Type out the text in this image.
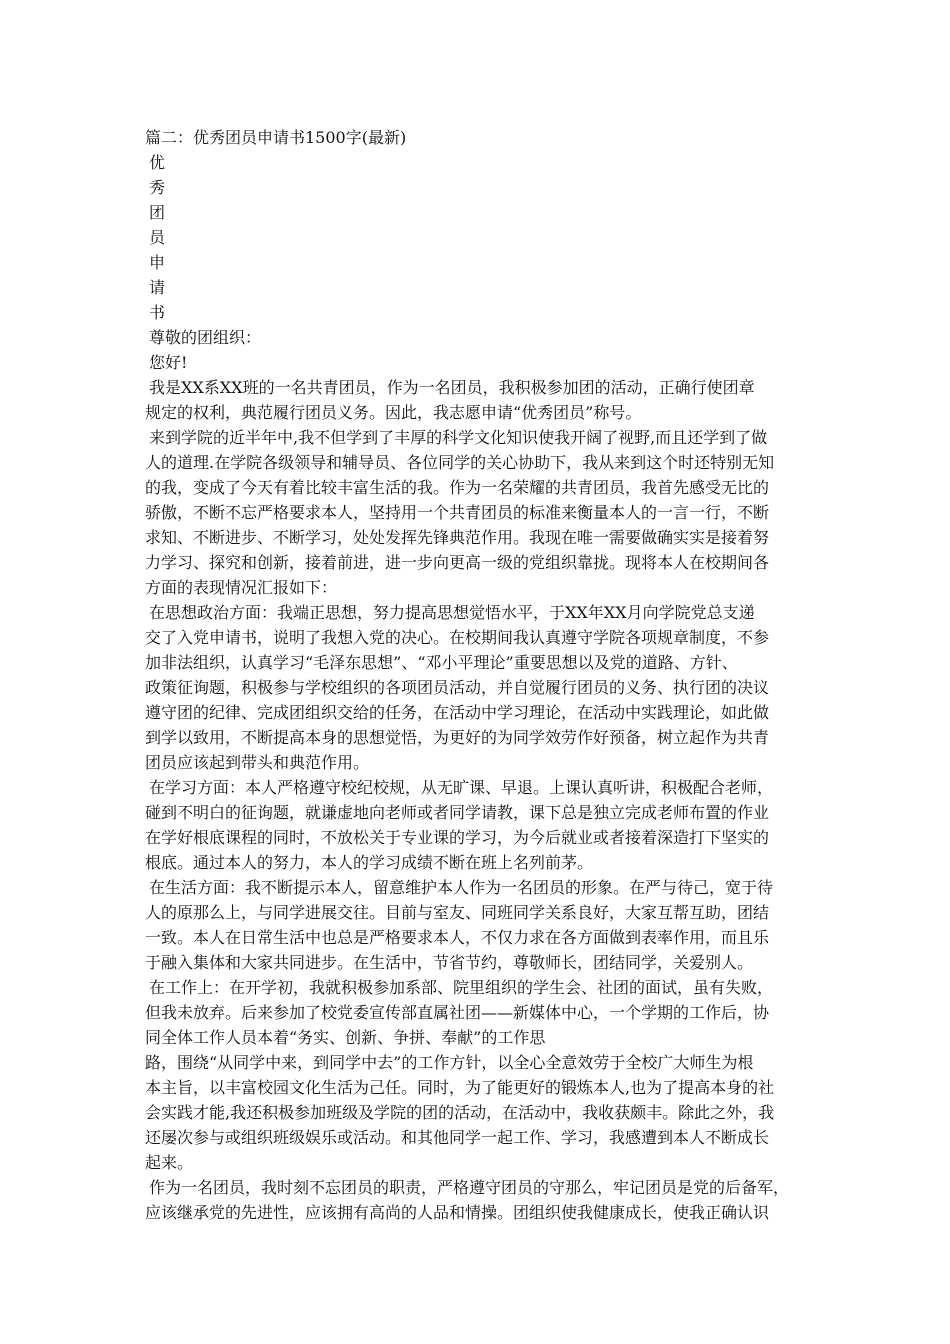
篇二：优秀团员申请书1500字(最新)
优
秀
团
员
申
请
书
尊敬的团组织：
您好!
我是XX系XX班的一名共青团员，作为一名团员，我积极参加团的活动，正确行使团章
规定的权利，典范履行团员义务。因此，我志愿申请“优秀团员”称号。
来到学院的近半年中,我不但学到了丰厚的科学文化知识使我开阔了视野,而且还学到了做
人的道理.在学院各级领导和辅导员、各位同学的关心协助下，我从来到这个时还特别无知
的我，变成了今天有着比较丰富生活的我。作为一名荣耀的共青团员，我首先感受无比的
骄傲，不断不忘严格要求本人，坚持用一个共青团员的标准来衡量本人的一言一行，不断
求知、不断进步、不断学习，处处发挥先锋典范作用。我现在唯一需要做确实实是接着努
力学习、探究和创新，接着前进，进一步向更高一级的党组织靠拢。现将本人在校期间各
方面的表现情况汇报如下：
在思想政治方面：我端正思想，努力提高思想觉悟水平，于XX年XX月向学院党总支递
交了入党申请书，说明了我想入党的决心。在校期间我认真遵守学院各项规章制度，不参
加非法组织，认真学习“毛泽东思想”、“邓小平理论”重要思想以及党的道路、方针、
政策征询题，积极参与学校组织的各项团员活动，并自觉履行团员的义务、执行团的决议
遵守团的纪律、完成团组织交给的任务，在活动中学习理论，在活动中实践理论，如此做
到学以致用，不断提高本身的思想觉悟，为更好的为同学效劳作好预备，树立起作为共青
团员应该起到带头和典范作用。
在学习方面：本人严格遵守校纪校规，从无旷课、早退。上课认真听讲，积极配合老师，
碰到不明白的征询题，就谦虚地向老师或者同学请教，课下总是独立完成老师布置的作业
在学好根底课程的同时，不放松关于专业课的学习，为今后就业或者接着深造打下坚实的
根底。通过本人的努力，本人的学习成绩不断在班上名列前茅。
在生活方面：我不断提示本人，留意维护本人作为一名团员的形象。在严与待己，宽于待
人的原那么上，与同学进展交往。目前与室友、同班同学关系良好，大家互帮互助，团结
一致。本人在日常生活中也总是严格要求本人，不仅力求在各方面做到表率作用，而且乐
于融入集体和大家共同进步。在生活中，节省节约，尊敬师长，团结同学，关爱别人。
在工作上：在开学初，我就积极参加系部、院里组织的学生会、社团的面试，虽有失败，
但我未放弃。后来参加了校党委宣传部直属社团——新媒体中心，一个学期的工作后，协
同全体工作人员本着“务实、创新、争拼、奉献”的工作思
路，围绕“从同学中来，到同学中去”的工作方针，以全心全意效劳于全校广大师生为根
本主旨，以丰富校园文化生活为己任。同时，为了能更好的锻炼本人,也为了提高本身的社
会实践才能,我还积极参加班级及学院的团的活动，在活动中，我收获颇丰。除此之外，我
还屡次参与或组织班级娱乐或活动。和其他同学一起工作、学习，我感遭到本人不断成长
起来。
作为一名团员，我时刻不忘团员的职责，严格遵守团员的守那么，牢记团员是党的后备军，
应该继承党的先进性，应该拥有高尚的人品和情操。团组织使我健康成长，使我正确认识
